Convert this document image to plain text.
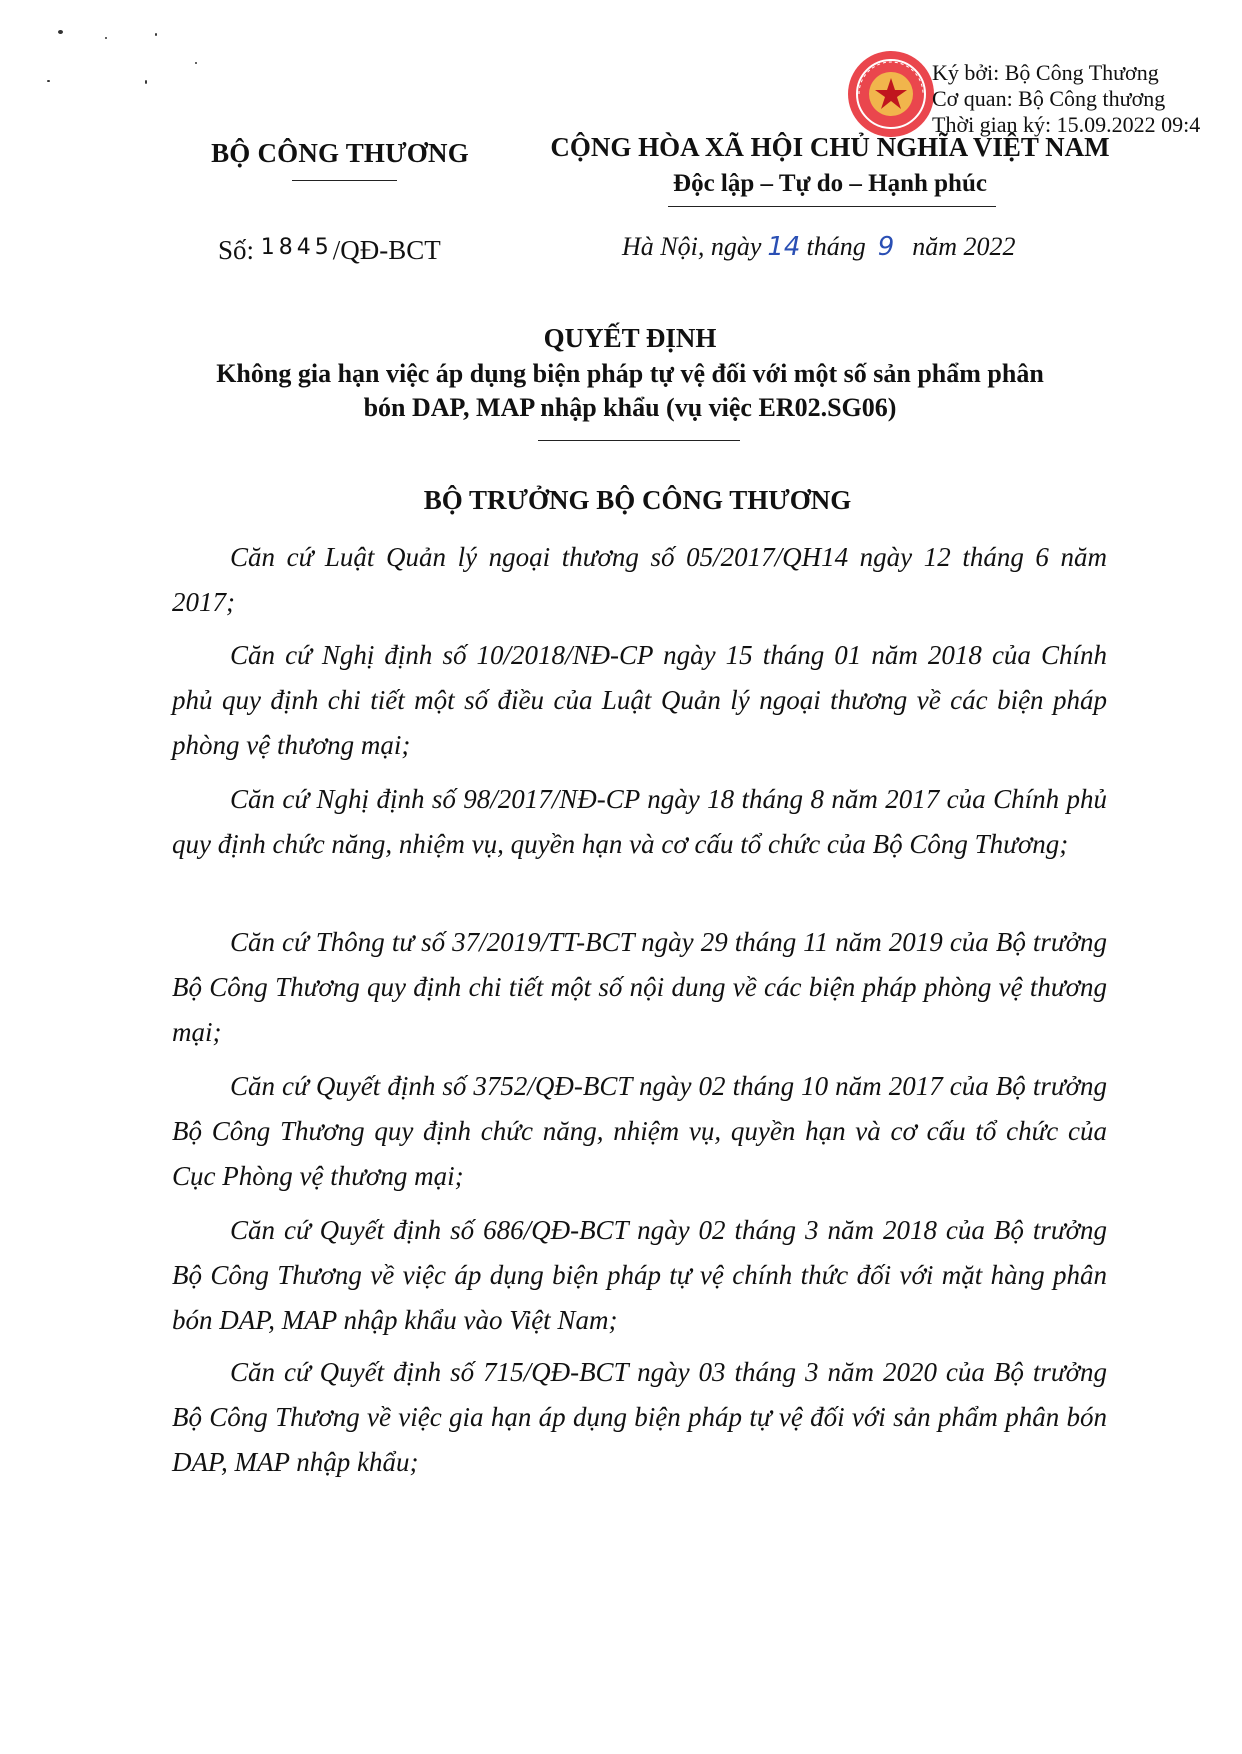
Ký bởi: Bộ Công Thương
Cơ quan: Bộ Công thương
Thời gian ký: 15.09.2022 09:4
BỘ CÔNG THƯƠNG	CỘNG HÒA XÃ HỘI CHỦ NGHĨA VIỆT NAM
Độc lập – Tự do – Hạnh phúc
Số: 1845/QĐ-BCT	Hà Nội, ngày 14 tháng 9 năm 2022
QUYẾT ĐỊNH
Không gia hạn việc áp dụng biện pháp tự vệ đối với một số sản phẩm phân
bón DAP, MAP nhập khẩu (vụ việc ER02.SG06)
BỘ TRƯỞNG BỘ CÔNG THƯƠNG

Căn cứ Luật Quản lý ngoại thương số 05/2017/QH14 ngày 12 tháng 6 năm 2017;

Căn cứ Nghị định số 10/2018/NĐ-CP ngày 15 tháng 01 năm 2018 của Chính phủ quy định chi tiết một số điều của Luật Quản lý ngoại thương về các biện pháp phòng vệ thương mại;

Căn cứ Nghị định số 98/2017/NĐ-CP ngày 18 tháng 8 năm 2017 của Chính phủ quy định chức năng, nhiệm vụ, quyền hạn và cơ cấu tổ chức của Bộ Công Thương;

Căn cứ Thông tư số 37/2019/TT-BCT ngày 29 tháng 11 năm 2019 của Bộ trưởng Bộ Công Thương quy định chi tiết một số nội dung về các biện pháp phòng vệ thương mại;

Căn cứ Quyết định số 3752/QĐ-BCT ngày 02 tháng 10 năm 2017 của Bộ trưởng Bộ Công Thương quy định chức năng, nhiệm vụ, quyền hạn và cơ cấu tổ chức của Cục Phòng vệ thương mại;

Căn cứ Quyết định số 686/QĐ-BCT ngày 02 tháng 3 năm 2018 của Bộ trưởng Bộ Công Thương về việc áp dụng biện pháp tự vệ chính thức đối với mặt hàng phân bón DAP, MAP nhập khẩu vào Việt Nam;

Căn cứ Quyết định số 715/QĐ-BCT ngày 03 tháng 3 năm 2020 của Bộ trưởng Bộ Công Thương về việc gia hạn áp dụng biện pháp tự vệ đối với sản phẩm phân bón DAP, MAP nhập khẩu;
